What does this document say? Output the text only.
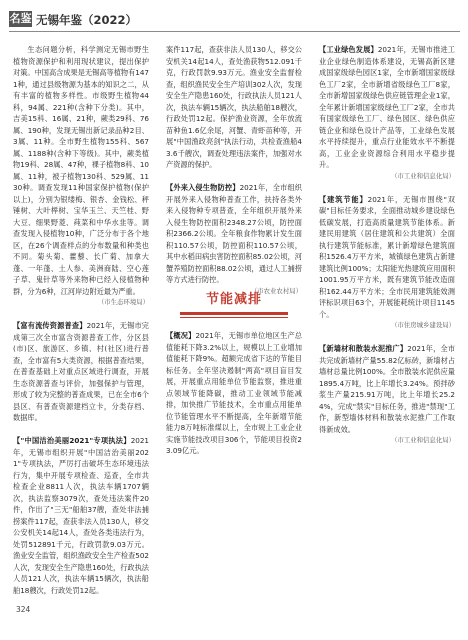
名鉴 无锡年鉴（2022）

生态问题分析，科学测定无锡市野生植物资源保护和利用现状建议，提出保护对策。中国高含成果是无锡高等植物有1471种，通过县级物源为基本的知识之二，从有丰富的植物多样性。市级野生植物44科，94属、221种(含种下分类)。其中，吉美15科、16属、21种，蕨类29科、76属、190种，发现无锡出新记录品种2目、3属、11种。全市野生植物155科、567属、1188种(含种下等级)。其中，蕨类植物19科、28属、47种，裸子植物8科、10属、11种，被子植物130科、529属、1130种。调查发现11种国家保护植物(保护以上)，分别为银缕梅、银杏、金钱松、秤锤树、大叶榉树、宝华玉兰、天竺桂、野大豆、细果野菱、莼菜和中华水韭等。调查发现入侵植物10种，广泛分布于各个地区，在26个调查样点的分布数量和种类也不同。菊头菊、藿藜、长广菊、加拿大蓬、一年蓬、土人参、美洲商陆、空心莲子草、鬼针草等外来物种已经入侵植物种群，分为6种，江河岸边附近最为严重。

（市生态环境局）

【富有流传资源普查】2021年，无锡市完成第三次全市富含资源普查工作，分区县(市)区、旅游区、乡镇、村(社区)进行普查，全市富有5大类资源，根据普查结果，在普查基础上对重点区域进行调查，开展生态资源普查与评价，加强保护与管理，形成了较为完整的普查成果，已在全市6个县区、有普查资源建档立卡，分类存档、数据库。

【"中国洁治美丽2021"专项执法】2021年，无锡市组织开展"中国洁治美丽2021"专项执法，严厉打击破坏生态环境违法行为，集中开展专项检查、巡查，全市共检查企业8811人次，执法车辆1707辆次，执法监察3079次，查处违法案件20件，作出了"三无"船舶37艘，查处非法捕捞案件117起，查获非法入员130人，移交公安机关14起14人，查处各类违法行为，处罚512891千元，行政罚款9.03万元。渔业安全监管，组织渔政安全生产检查502人次，发现安全生产隐患160处，行政执法人员121人次，执法车辆15辆次，执法船舶18艘次，行政处罚12起。

案件117起，查获非法人员130人，移交公安机关14起14人，查处渔获物512.091千克，行政罚款9.93万元。渔业安全监督检查，组织渔民安全生产培训302人次，发现安全生产隐患160处，行政执法人员121人次，执法车辆15辆次，执法船舶18艘次，行政处罚12起。保护渔业资源，全年放流苗种鱼1.6亿余尾，河蟹、青虾苗种等，开展"中国渔政亮剑"执法行动，共检查渔船43.6千艘次，调查处理违法案件，加强对水产资源的保护。

【外来入侵生物防控】2021年，全市组织开展外来入侵物种普查工作，扶持各类外来入侵物种专项普查，全年组织开展外来入侵生物防控面积2348.27公顷，防控面积2366.2公顷。全年粮食作物累计发生面积110.57公顷，防控面积110.57公顷，其中水稻田病虫害防控面积85.02公顷，河蟹养殖防控面积88.02公顷，通过人工捕捞等方式进行防控。

（市农业农村局）
节能减排

【概况】2021年，无锡市单位地区生产总值能耗下降3.2%以上，规模以上工业增加值能耗下降9%。超额完成省下达的节能目标任务。全年坚决遏制"两高"项目盲目发展，开展重点用能单位节能监察，推进重点领域节能降碳，推动工业领域节能减排，加快推广节能技术，全市重点用能单位节能管理水平不断提高，全年新增节能能力8万吨标准煤以上，全市规上工业企业实施节能技改项目306个，节能项目投资23.09亿元。

【工业绿色发展】2021年，无锡市推进工业企业绿色制造体系建设，无锡高新区建成国家级绿色园区1家，全市新增国家级绿色工厂2家，全市新增省级绿色工厂8家，全市新增国家级绿色供应链管理企业1家，全年累计新增国家级绿色工厂2家，全市共有国家级绿色工厂、绿色园区、绿色供应链企业和绿色设计产品等，工业绿色发展水平持续提升，重点行业能效水平不断提高，工业企业资源综合利用水平稳步提升。

（市工业和信息化局）

【建筑节能】2021年，无锡市围绕"双碳"目标任务要求，全面推动城乡建设绿色低碳发展，打造高质量建筑节能体系。新建民用建筑（居住建筑和公共建筑）全面执行建筑节能标准，累计新增绿色建筑面积1526.4万平方米，城镇绿色建筑占新建建筑比例100%；太阳能光热建筑应用面积1001.95万平方米，既有建筑节能改造面积162.44万平方米；全市民用建筑能效测评标识项目63个，开展能耗统计项目1145个。

（市住房城乡建设局）

【新墙材和散装水泥推广】2021年，全市共完成新墙材产量55.82亿标砖，新墙材占墙材总量比例100%。全市散装水泥供应量1895.4万吨，比上年增长3.24%。预拌砂浆生产量215.91万吨，比上年增长25.24%，完成"禁实"目标任务，推进"禁现"工作，新型墙体材料和散装水泥推广工作取得新成效。

（市工业和信息化局）
324
